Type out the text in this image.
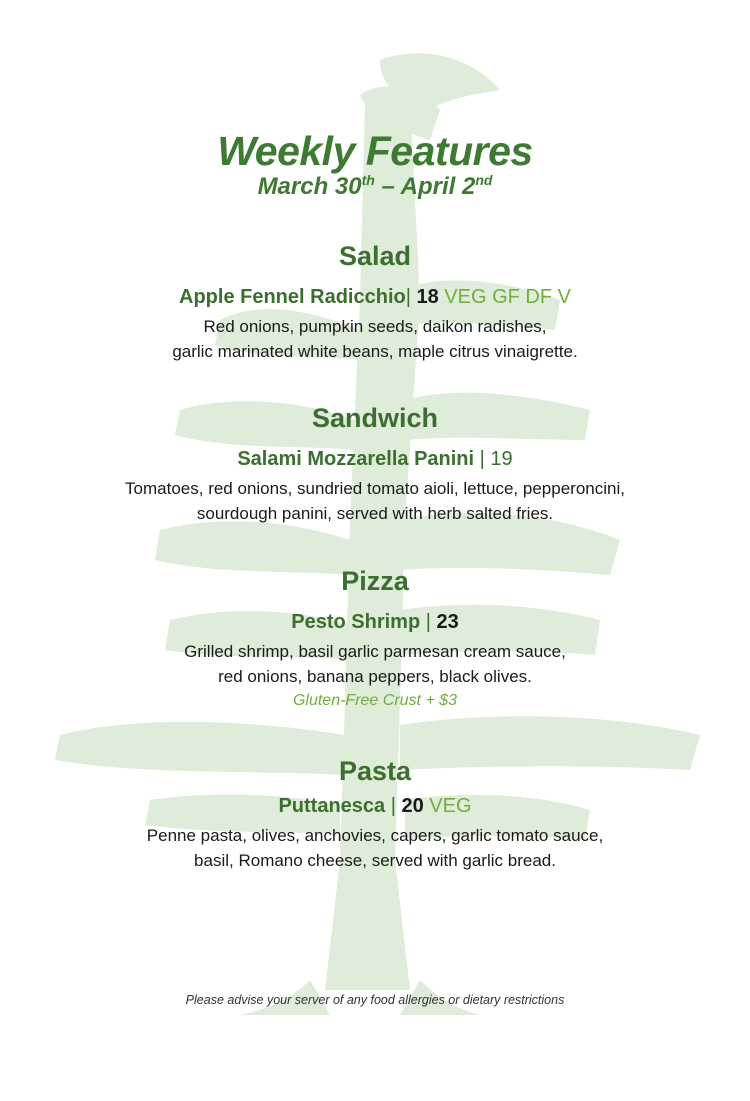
Weekly Features
March 30th – April 2nd
Salad
Apple Fennel Radicchio| 18 VEG GF DF V
Red onions, pumpkin seeds, daikon radishes,
garlic marinated white beans, maple citrus vinaigrette.
Sandwich
Salami Mozzarella Panini | 19
Tomatoes, red onions, sundried tomato aioli, lettuce, pepperoncini,
sourdough panini, served with herb salted fries.
Pizza
Pesto Shrimp | 23
Grilled shrimp, basil garlic parmesan cream sauce,
red onions, banana peppers, black olives.
Gluten-Free Crust + $3
Pasta
Puttanesca | 20 VEG
Penne pasta, olives, anchovies, capers, garlic tomato sauce,
basil, Romano cheese, served with garlic bread.
Please advise your server of any food allergies or dietary restrictions
